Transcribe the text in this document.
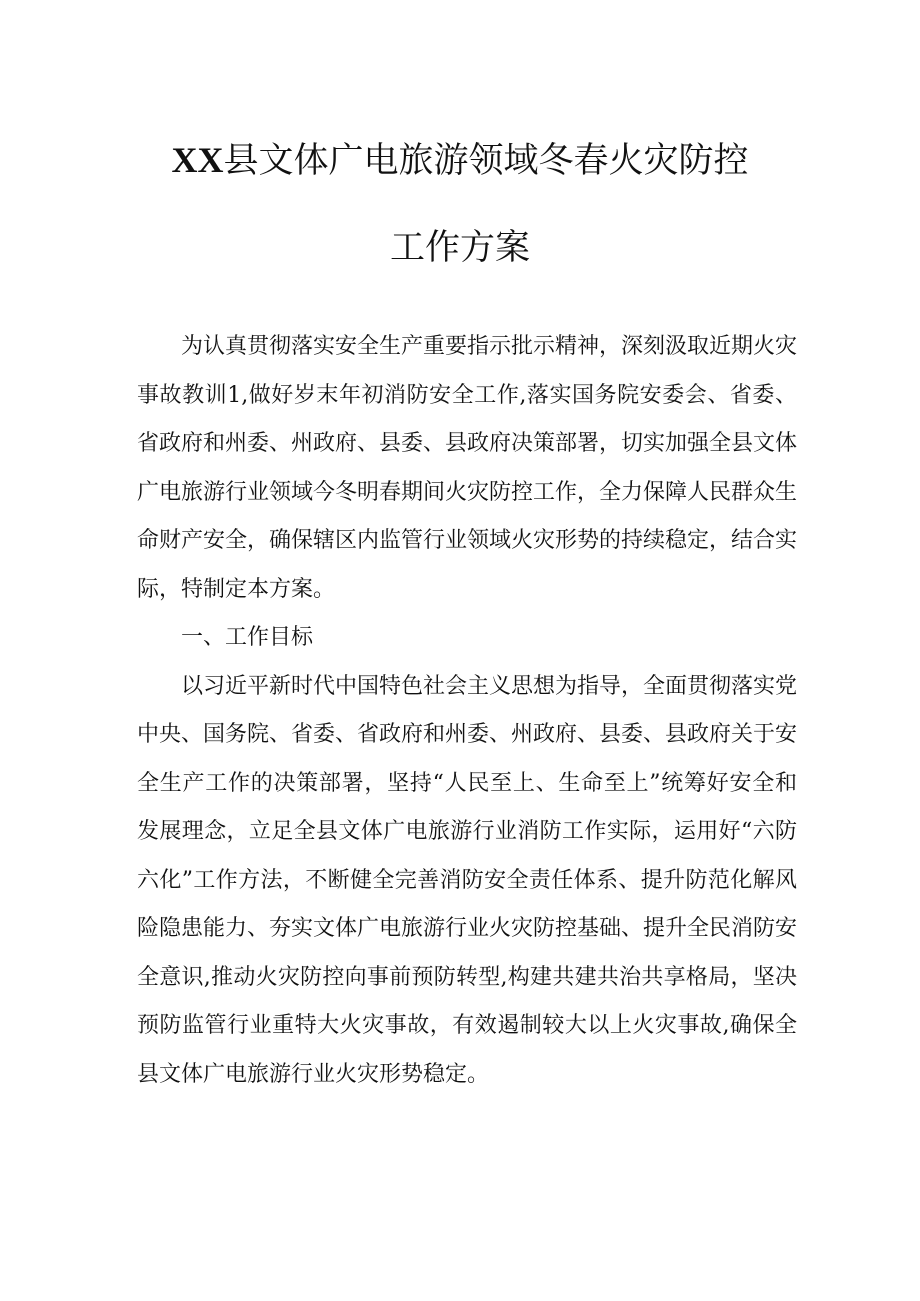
XX县文体广电旅游领域冬春火灾防控
工作方案

为认真贯彻落实安全生产重要指示批示精神，深刻汲取近期火灾事故教训1,做好岁末年初消防安全工作,落实国务院安委会、省委、省政府和州委、州政府、县委、县政府决策部署，切实加强全县文体广电旅游行业领域今冬明春期间火灾防控工作，全力保障人民群众生命财产安全，确保辖区内监管行业领域火灾形势的持续稳定，结合实际，特制定本方案。

一、工作目标

以习近平新时代中国特色社会主义思想为指导，全面贯彻落实党中央、国务院、省委、省政府和州委、州政府、县委、县政府关于安全生产工作的决策部署，坚持“人民至上、生命至上”统筹好安全和发展理念，立足全县文体广电旅游行业消防工作实际，运用好“六防六化”工作方法，不断健全完善消防安全责任体系、提升防范化解风险隐患能力、夯实文体广电旅游行业火灾防控基础、提升全民消防安全意识,推动火灾防控向事前预防转型,构建共建共治共享格局，坚决预防监管行业重特大火灾事故，有效遏制较大以上火灾事故,确保全县文体广电旅游行业火灾形势稳定。
